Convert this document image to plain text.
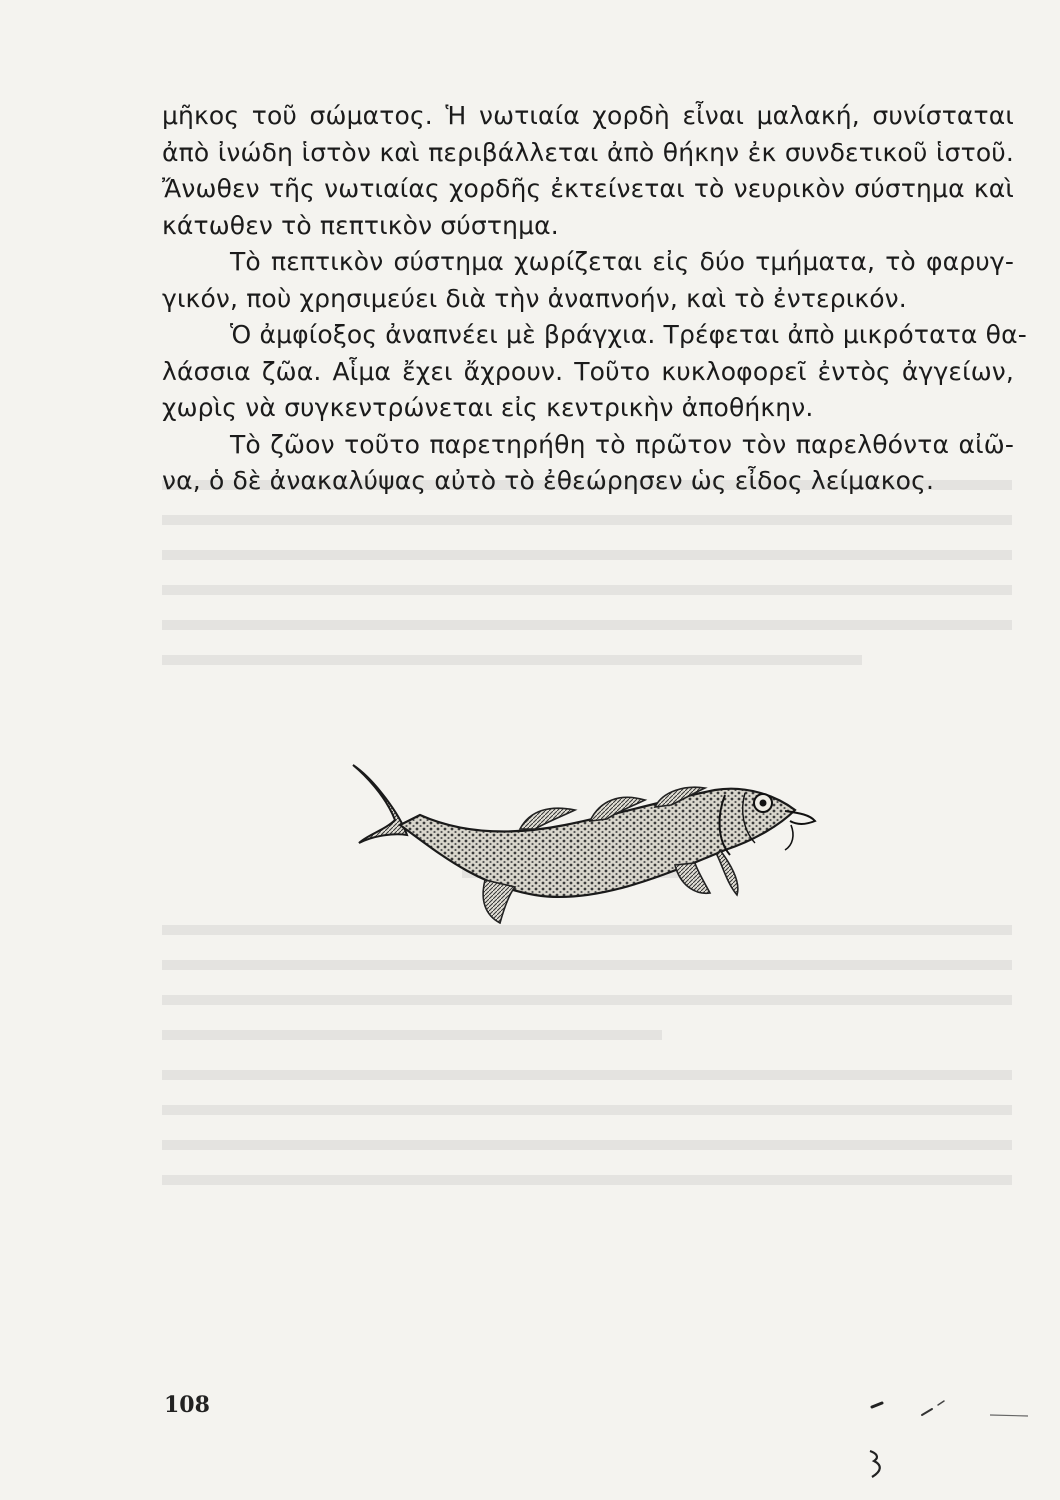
μῆκος τοῦ σώματος. Ἡ νωτιαία χορδὴ εἶναι μαλακή, συνίσταται
ἀπὸ ἰνώδη ἱστὸν καὶ περιβάλλεται ἀπὸ θήκην ἐκ συνδετικοῦ ἱστοῦ.
Ἄνωθεν τῆς νωτιαίας χορδῆς ἐκτείνεται τὸ νευρικὸν σύστημα καὶ
κάτωθεν τὸ πεπτικὸν σύστημα.

Τὸ πεπτικὸν σύστημα χωρίζεται εἰς δύο τμήματα, τὸ φαρυγ-
γικόν, ποὺ χρησιμεύει διὰ τὴν ἀναπνοήν, καὶ τὸ ἐντερικόν.

Ὁ ἀμφίοξος ἀναπνέει μὲ βράγχια. Τρέφεται ἀπὸ μικρότατα θα-
λάσσια ζῶα. Αἷμα ἔχει ἄχρουν. Τοῦτο κυκλοφορεῖ ἐντὸς ἀγγείων,
χωρὶς νὰ συγκεντρώνεται εἰς κεντρικὴν ἀποθήκην.

Τὸ ζῶον τοῦτο παρετηρήθη τὸ πρῶτον τὸν παρελθόντα αἰῶ-
να, ὁ δὲ ἀνακαλύψας αὐτὸ τὸ ἐθεώρησεν ὡς εἶδος λείμακος.

108
